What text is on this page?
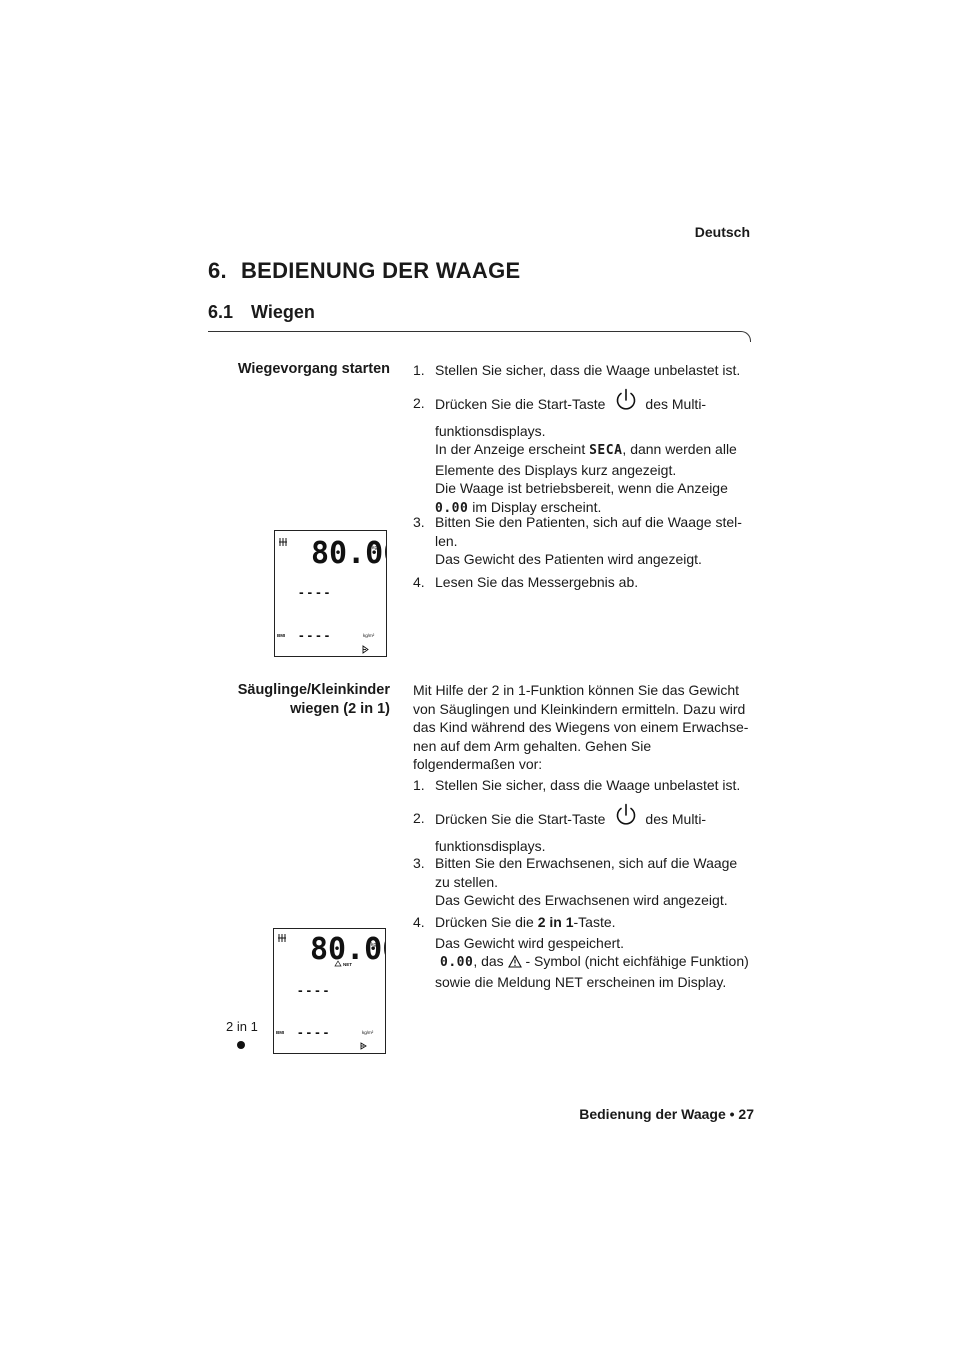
Deutsch
6. BEDIENUNG DER WAAGE
6.1 Wiegen
Wiegevorgang starten 1. Stellen Sie sicher, dass die Waage unbelastet ist.
2. Drücken Sie die Start-Taste	des Multi-
funktionsdisplays.
In der Anzeige erscheint SECA, dann werden alle
Elemente des Displays kurz angezeigt.
Die Waage ist betriebsbereit, wenn die Anzeige
0.00 im Display erscheint.
3. Bitten Sie den Patienten, sich auf die Waage stel-len.
Das Gewicht des Patienten wird angezeigt.
4. Lesen Sie das Messergebnis ab.
80.0
kg
- - - -
BMI - - - -	kg/m²
Säuglinge/Kleinkinder
wiegen (2 in 1)
Mit Hilfe der 2 in 1-Funktion können Sie das Gewicht von Säuglingen und Kleinkindern ermitteln. Dazu wird das Kind während des Wiegens von einem Erwachse-nen auf dem Arm gehalten. Gehen Sie folgendermaßen vor:
1. Stellen Sie sicher, dass die Waage unbelastet ist.
2. Drücken Sie die Start-Taste	des Multi-
funktionsdisplays.
3. Bitten Sie den Erwachsenen, sich auf die Waage zu stellen.
Das Gewicht des Erwachsenen wird angezeigt.
4. Drücken Sie die 2 in 1-Taste.
Das Gewicht wird gespeichert.
0.00, das - Symbol (nicht eichfähige Funktion)
sowie die Meldung NET erscheinen im Display.
80.0
kg
NET
- - - -
BMI - - - -	kg/m²
2 in 1
Bedienung der Waage • 27
